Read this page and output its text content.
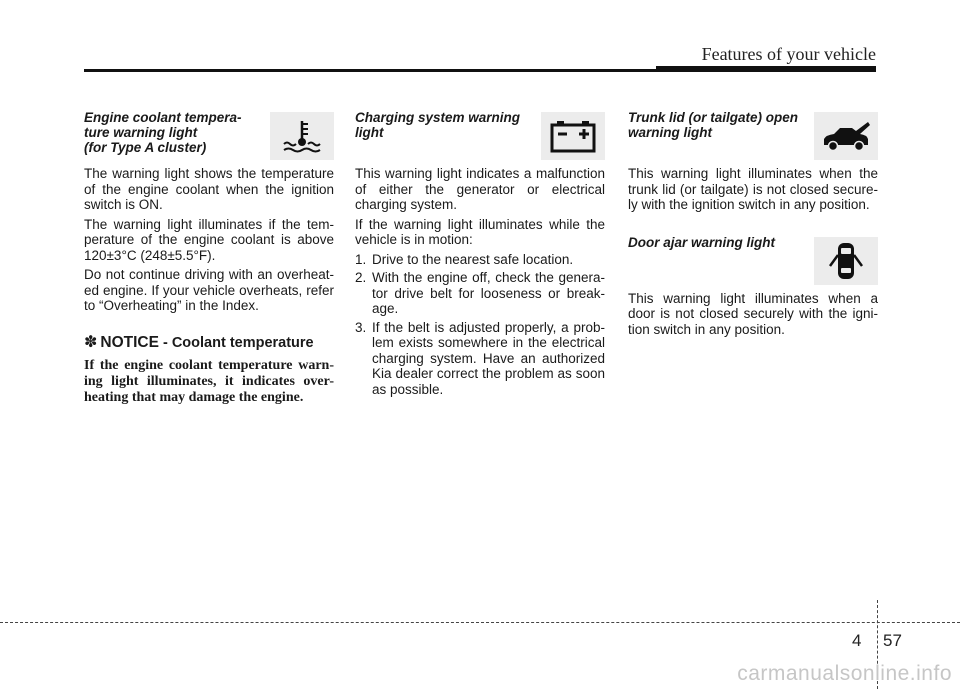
Features of your vehicle

Engine coolant tempera-
ture warning light
(for Type A cluster)

The warning light shows the temperature of the engine coolant when the ignition switch is ON.

The warning light illuminates if the tem-perature of the engine coolant is above 120±3°C (248±5.5°F).

Do not continue driving with an overheat-ed engine. If your vehicle overheats, refer to “Overheating” in the Index.

✽ NOTICE - Coolant temperature

If the engine coolant temperature warn-ing light illuminates, it indicates over-heating that may damage the engine.

Charging system warning
light

This warning light indicates a malfunction of either the generator or electrical charging system.

If the warning light illuminates while the vehicle is in motion:

1. Drive to the nearest safe location.
2. With the engine off, check the genera-tor drive belt for looseness or break-age.
3. If the belt is adjusted properly, a prob-lem exists somewhere in the electrical charging system. Have an authorized Kia dealer correct the problem as soon as possible.

Trunk lid (or tailgate) open
warning light

This warning light illuminates when the trunk lid (or tailgate) is not closed secure-ly with the ignition switch in any position.

Door ajar warning light

This warning light illuminates when a door is not closed securely with the igni-tion switch in any position.

4 57
carmanualsonline.info
